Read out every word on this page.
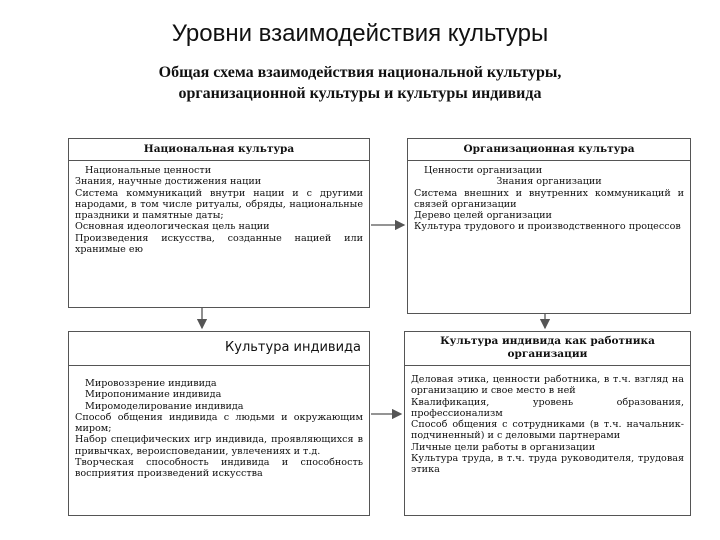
Уровни взаимодействия культуры
Общая схема взаимодействия национальной культуры,
организационной культуры и культуры индивида
Национальная культура
Национальные ценности
Знания, научные достижения нации
Система коммуникаций внутри нации и с другими народами, в том числе ритуалы, обряды, национальные праздники и памятные даты;
Основная идеологическая цель нации
Произведения искусства, созданные нацией или хранимые ею
Организационная культура
Ценности организации
Знания организации
Система внешних и внутренних коммуникаций и связей организации
Дерево целей организации
Культура трудового и производственного процессов
Культура индивида
Мировоззрение индивида
Миропонимание индивида
Миромоделирование индивида
Способ общения индивида с людьми и окружающим миром;
Набор специфических игр индивида, проявляющихся в привычках, вероисповедании, увлечениях и т.д.
Творческая способность индивида и способность восприятия произведений искусства
Культура индивида как работника
организации
Деловая этика, ценности работника, в т.ч. взгляд на организацию и свое место в ней
Квалификация, уровень образования, профессионализм
Способ общения с сотрудниками (в т.ч. начальник-подчиненный) и с деловыми партнерами
Личные цели работы в организации
Культура труда, в т.ч. труда руководителя, трудовая этика
